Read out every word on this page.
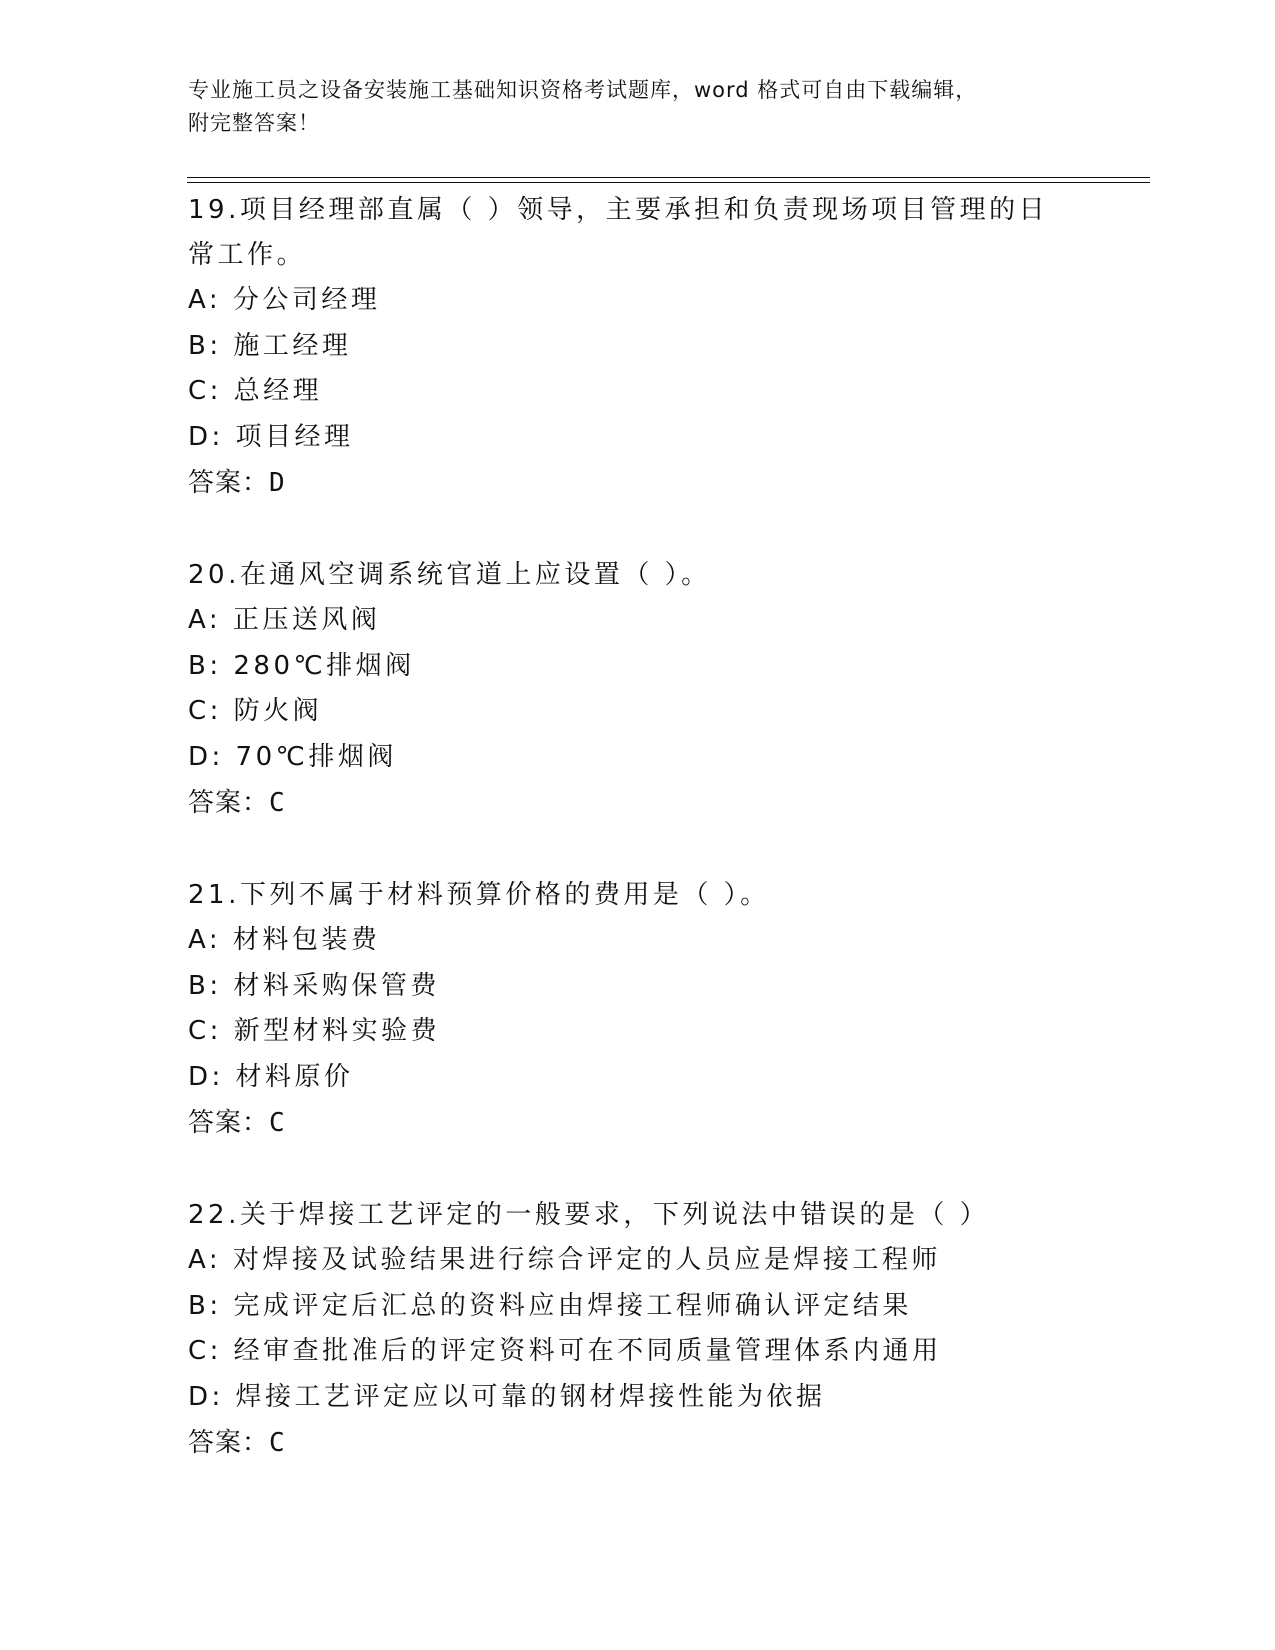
专业施工员之设备安装施工基础知识资格考试题库，word 格式可自由下载编辑，
附完整答案！

19.项目经理部直属（ ）领导，主要承担和负责现场项目管理的日常工作。

A: 分公司经理

B: 施工经理

C: 总经理

D: 项目经理

答案：D

20.在通风空调系统官道上应设置（ ）。

A: 正压送风阀

B: 280℃排烟阀

C: 防火阀

D: 70℃排烟阀

答案：C

21.下列不属于材料预算价格的费用是（ ）。

A: 材料包装费

B: 材料采购保管费

C: 新型材料实验费

D: 材料原价

答案：C

22.关于焊接工艺评定的一般要求，下列说法中错误的是（ ）

A: 对焊接及试验结果进行综合评定的人员应是焊接工程师

B: 完成评定后汇总的资料应由焊接工程师确认评定结果

C: 经审查批准后的评定资料可在不同质量管理体系内通用

D: 焊接工艺评定应以可靠的钢材焊接性能为依据

答案：C
